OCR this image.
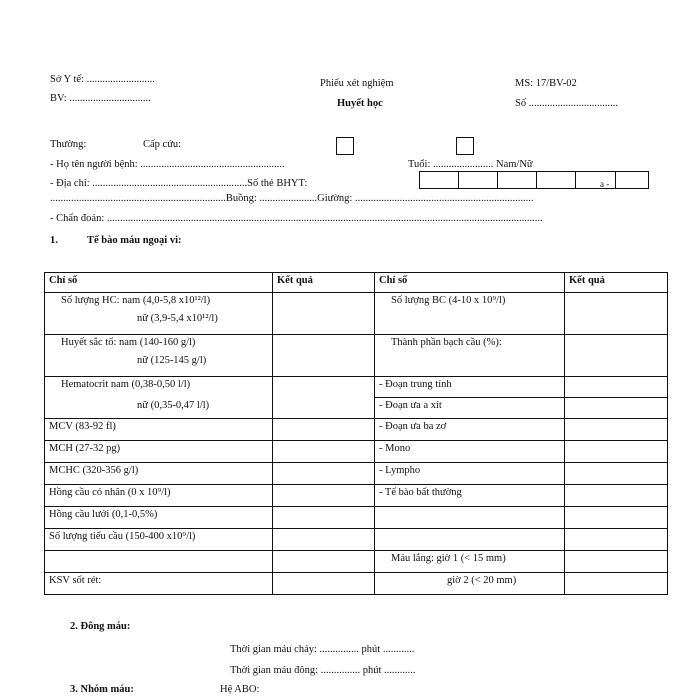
Sở Y tế: ..........................
BV: ...............................
Phiếu xét nghiệm
Huyết học
MS: 17/BV-02
Số ..................................
Thường:	Cấp cứu:
- Họ tên người bệnh: .......................................................	Tuổi: ....................... Nam/Nữ
- Địa chỉ: ...........................................................Số thẻ BHYT:	a -
...................................................................Buồng: ......................Giường: ....................................................................
- Chẩn đoán: ......................................................................................................................................................................
1.	Tế bào máu ngoại vi:
Chỉ số	Kết quả	Chỉ số	Kết quả

Số lượng HC: nam (4,0-5,8 x10¹²/l)
nữ (3,9-5,4 x10¹²/l)		Số lượng BC (4-10 x 10⁹/l)	

Huyết sắc tố: nam (140-160 g/l)
nữ (125-145 g/l)		Thành phần bạch cầu (%):	

Hematocrit nam (0,38-0,50 l/l)
nữ (0,35-0,47 l/l)		- Đoạn trung tính	
		- Đoạn ưa a xít	
MCV (83-92 fl)		- Đoạn ưa ba zơ	
MCH (27-32 pg)		- Mono	
MCHC (320-356 g/l)		- Lympho	
Hồng cầu có nhân (0 x 10⁹/l)		- Tế bào bất thường	
Hồng cầu lưới (0,1-0,5%)			
Số lượng tiểu cầu (150-400 x10⁹/l)			

		Máu lắng: giờ 1 (< 15 mm)	

KSV sốt rét:		giờ 2 (< 20 mm)	

2. Đông máu:
Thời gian máu chảy: ............... phút ............
Thời gian máu đông: ............... phút ............
3. Nhóm máu:	Hệ ABO:
